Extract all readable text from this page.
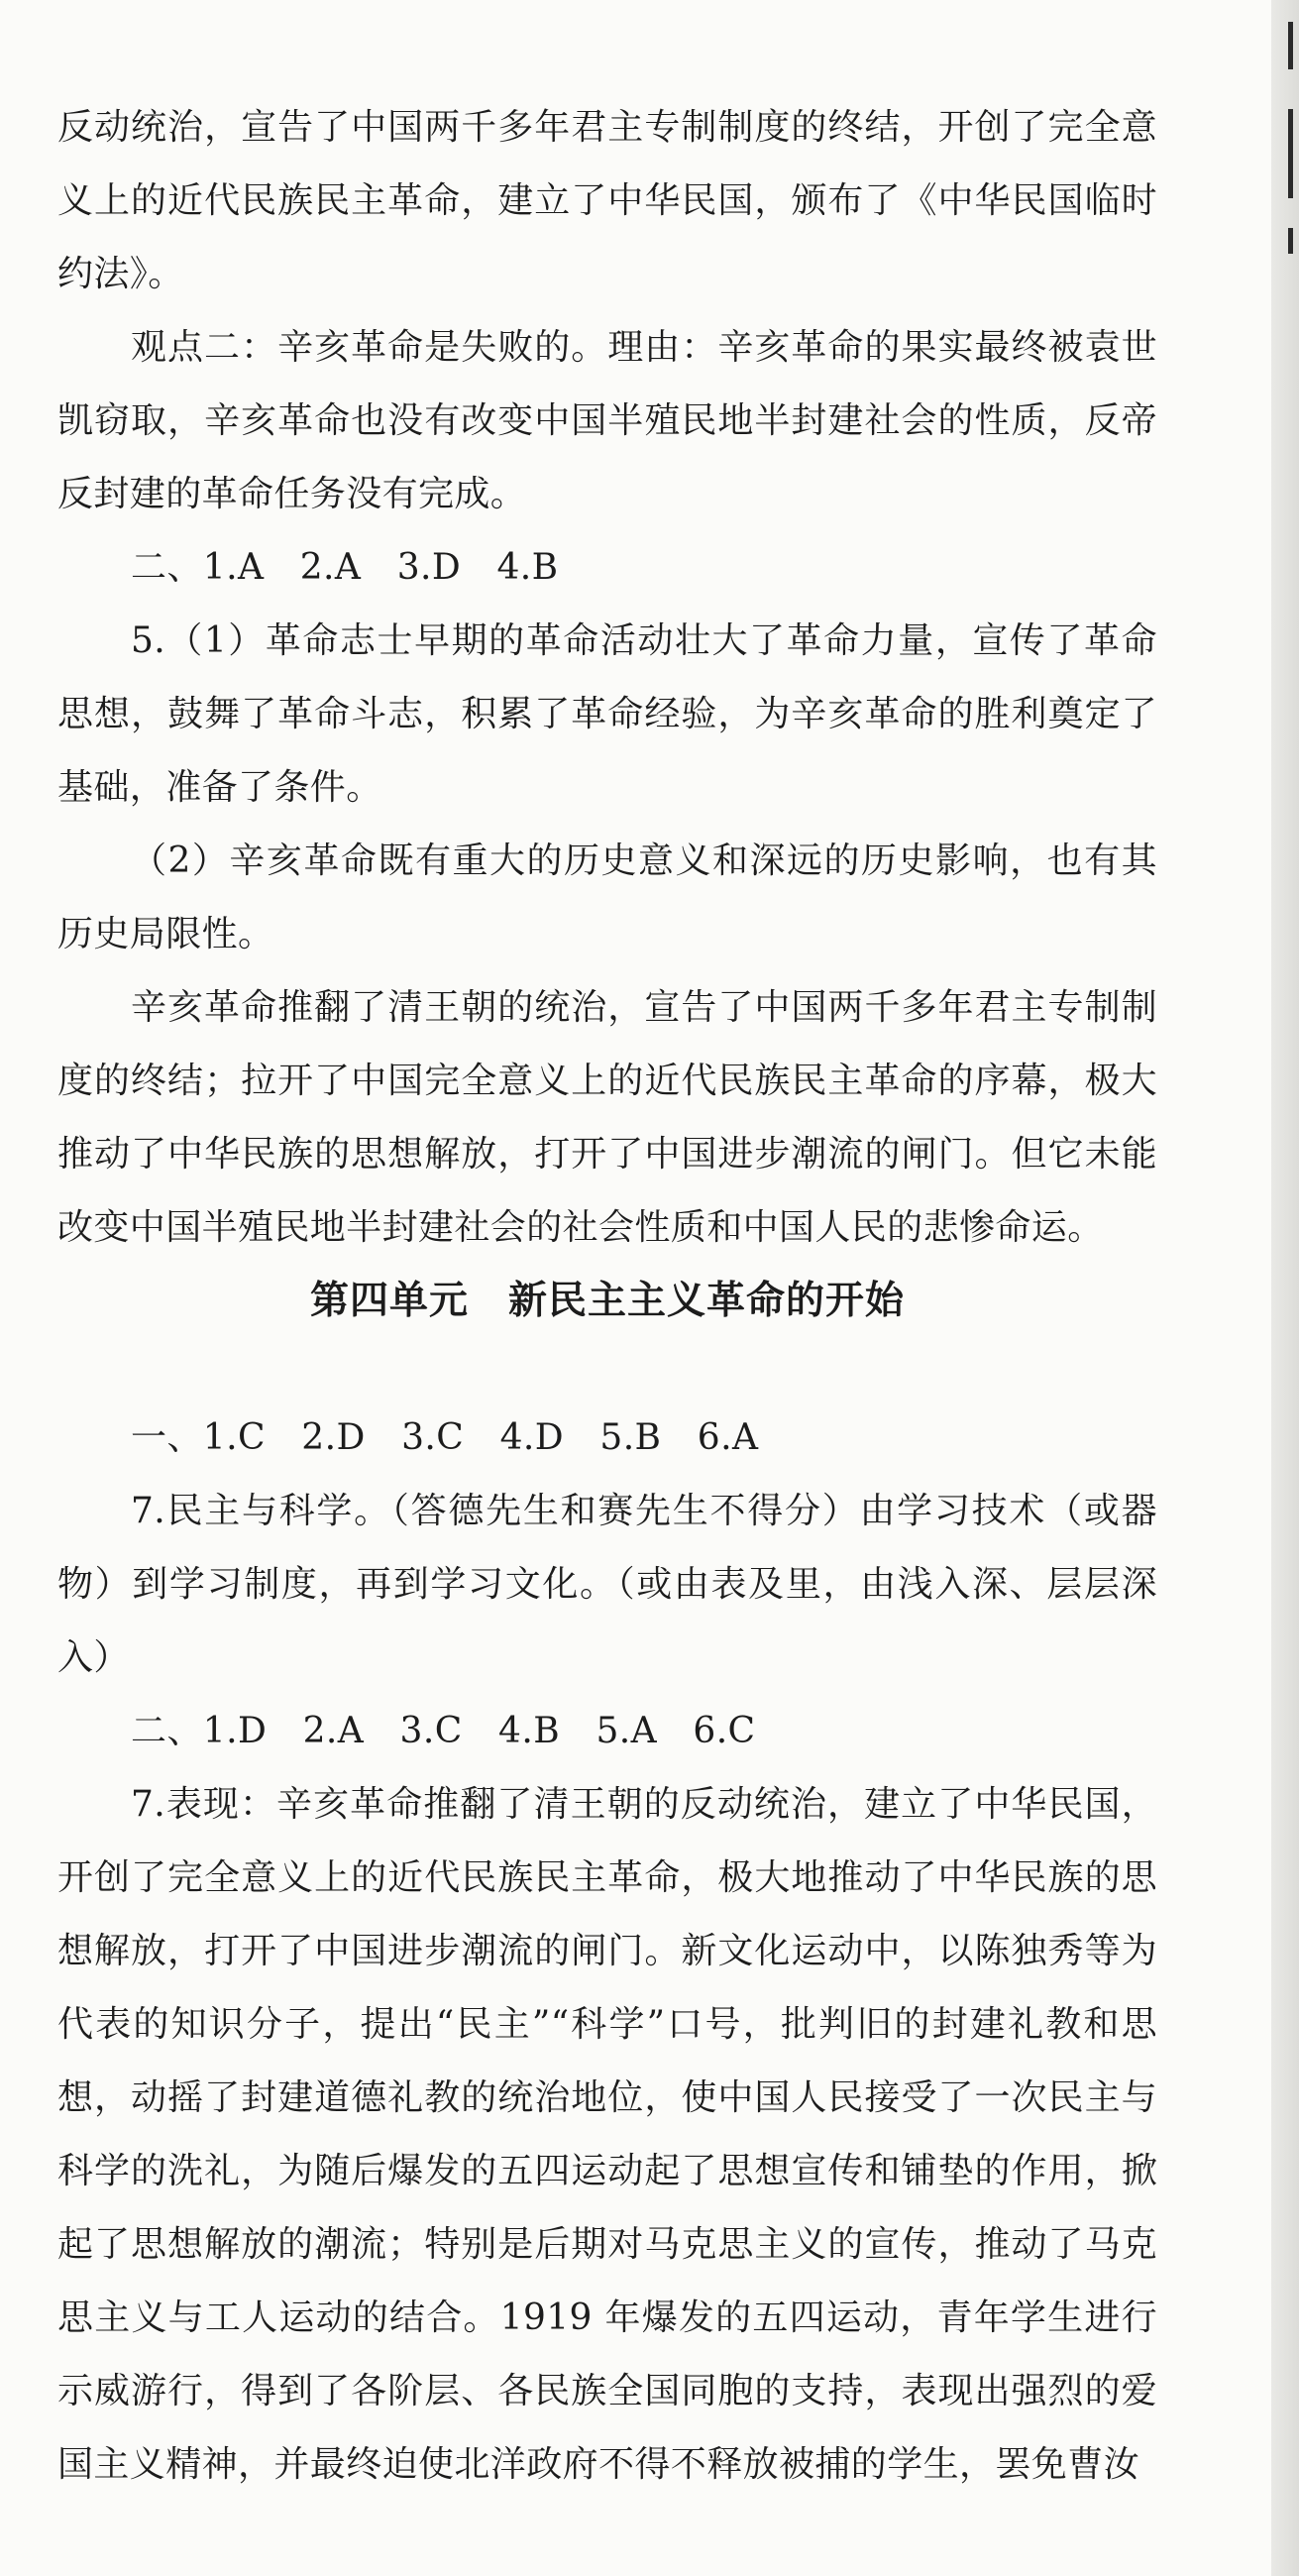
反动统治，宣告了中国两千多年君主专制制度的终结，开创了完全意义上的近代民族民主革命，建立了中华民国，颁布了《中华民国临时约法》。

观点二：辛亥革命是失败的。理由：辛亥革命的果实最终被袁世凯窃取，辛亥革命也没有改变中国半殖民地半封建社会的性质，反帝反封建的革命任务没有完成。

二、1.A　2.A　3.D　4.B

5.（1）革命志士早期的革命活动壮大了革命力量，宣传了革命思想，鼓舞了革命斗志，积累了革命经验，为辛亥革命的胜利奠定了基础，准备了条件。

（2）辛亥革命既有重大的历史意义和深远的历史影响，也有其历史局限性。

辛亥革命推翻了清王朝的统治，宣告了中国两千多年君主专制制度的终结；拉开了中国完全意义上的近代民族民主革命的序幕，极大推动了中华民族的思想解放，打开了中国进步潮流的闸门。但它未能改变中国半殖民地半封建社会的社会性质和中国人民的悲惨命运。

第四单元 新民主主义革命的开始

一、1.C　2.D　3.C　4.D　5.B　6.A

7.民主与科学。（答德先生和赛先生不得分）由学习技术（或器物）到学习制度，再到学习文化。（或由表及里，由浅入深、层层深入）

二、1.D　2.A　3.C　4.B　5.A　6.C

7.表现：辛亥革命推翻了清王朝的反动统治，建立了中华民国，开创了完全意义上的近代民族民主革命，极大地推动了中华民族的思想解放，打开了中国进步潮流的闸门。新文化运动中，以陈独秀等为代表的知识分子，提出“民主”“科学”口号，批判旧的封建礼教和思想，动摇了封建道德礼教的统治地位，使中国人民接受了一次民主与科学的洗礼，为随后爆发的五四运动起了思想宣传和铺垫的作用，掀起了思想解放的潮流；特别是后期对马克思主义的宣传，推动了马克思主义与工人运动的结合。1919 年爆发的五四运动，青年学生进行示威游行，得到了各阶层、各民族全国同胞的支持，表现出强烈的爱国主义精神，并最终迫使北洋政府不得不释放被捕的学生，罢免曹汝
